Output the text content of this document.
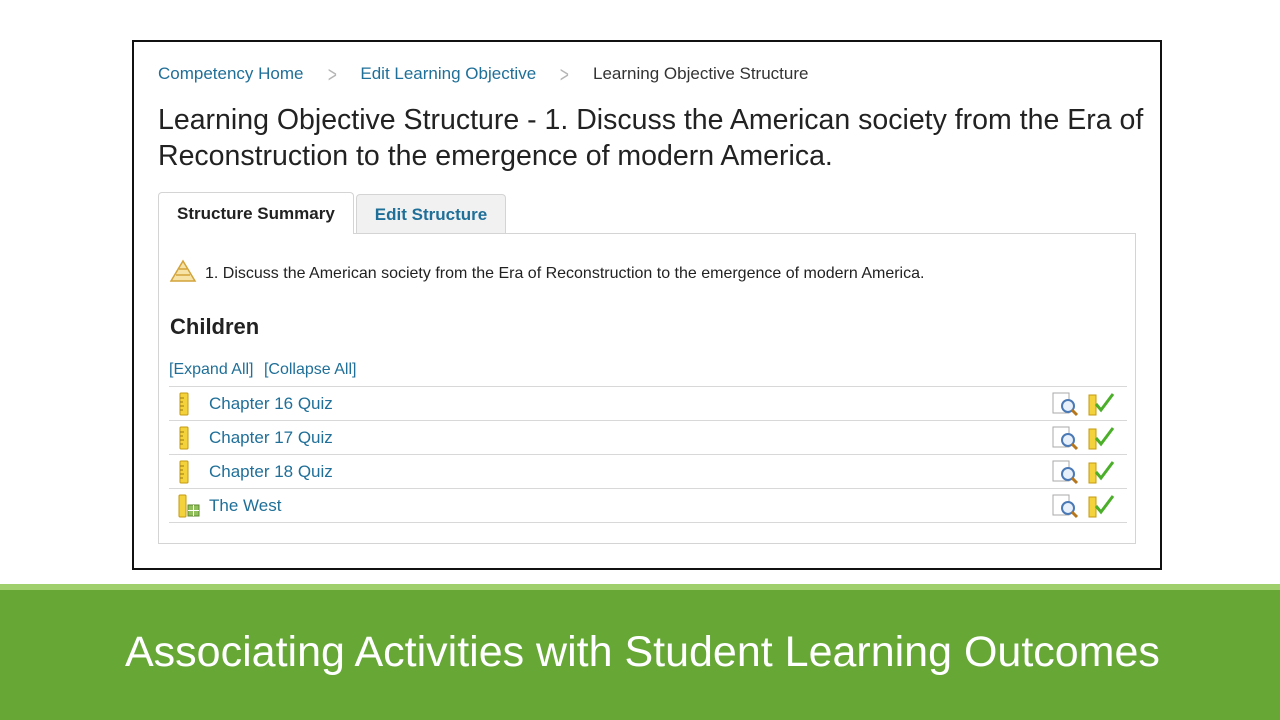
Competency Home > Edit Learning Objective > Learning Objective Structure
Learning Objective Structure - 1. Discuss the American society from the Era of Reconstruction to the emergence of modern America.
Structure Summary	Edit Structure
1. Discuss the American society from the Era of Reconstruction to the emergence of modern America.
Children
[Expand All] [Collapse All]
Chapter 16 Quiz
Chapter 17 Quiz
Chapter 18 Quiz
The West
Associating Activities with Student Learning Outcomes
